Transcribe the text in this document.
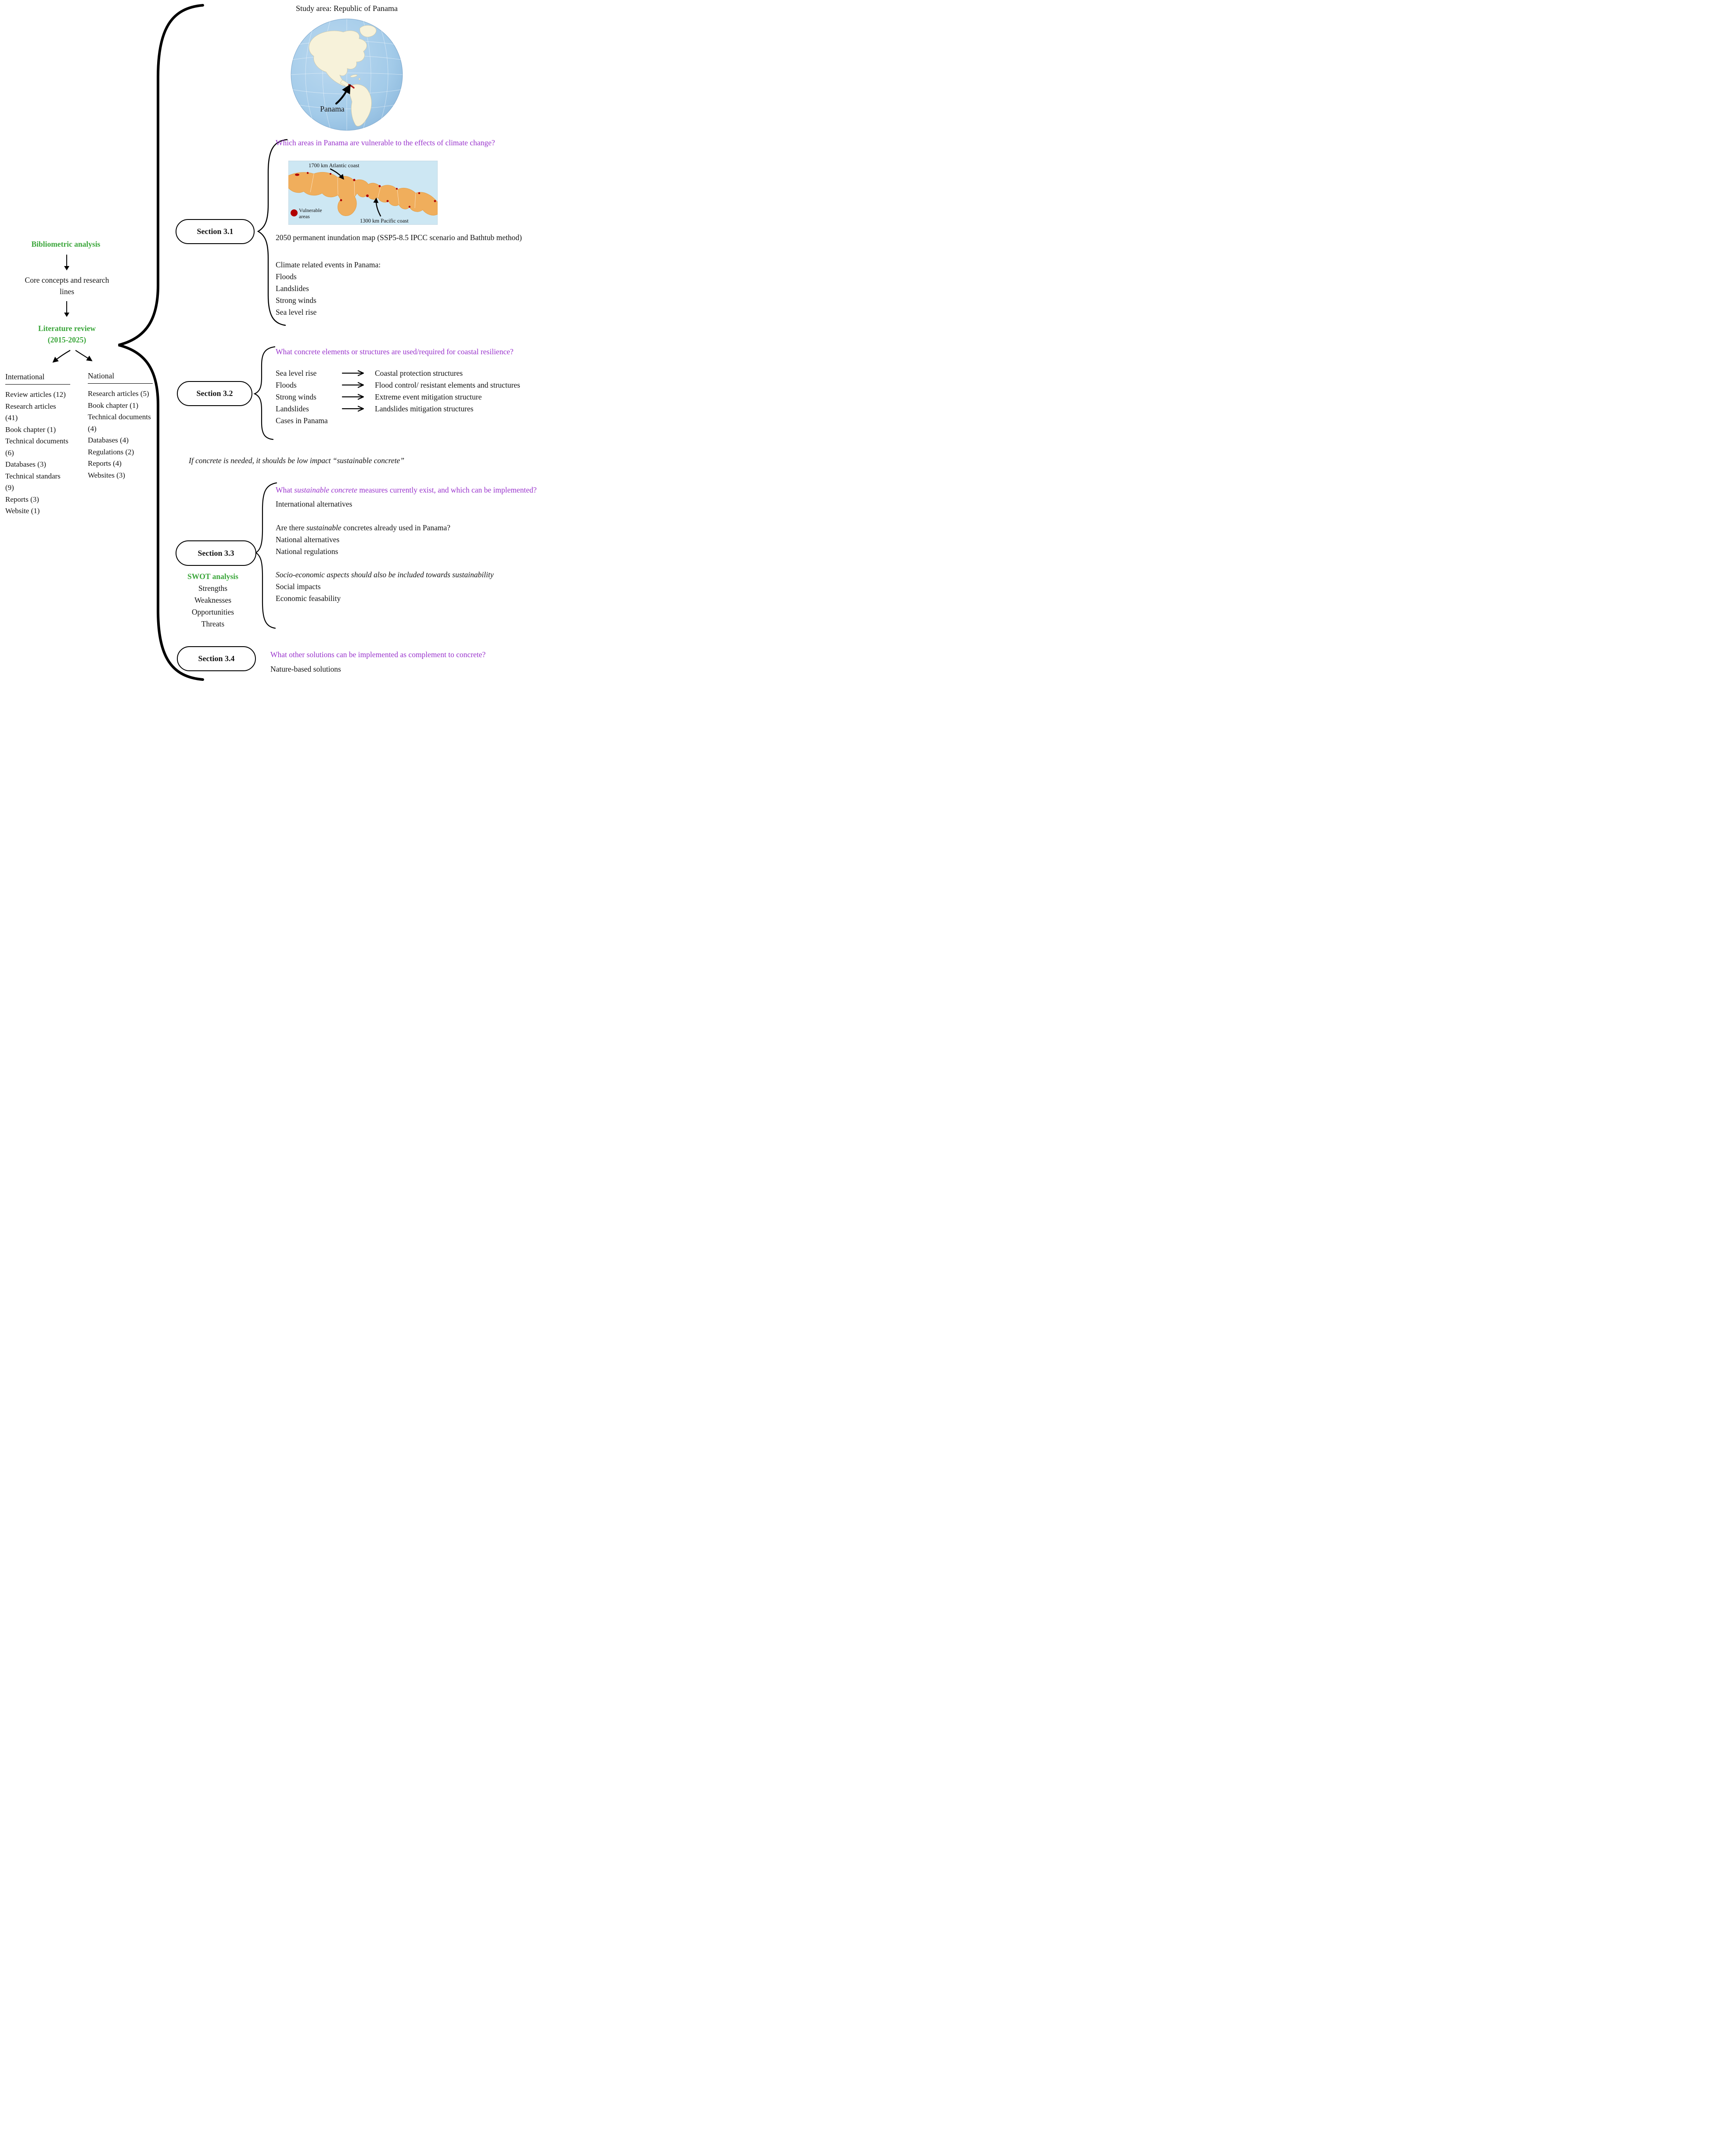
Study area: Republic of Panama
Panama
Bibliometric analysis
Core concepts and research lines
Literature review
(2015-2025)
International
Review articles (12)
Research articles (41)
Book chapter (1)
Technical documents (6)
Databases (3)
Technical standars (9)
Reports (3)
Website (1)
National
Research articles (5)
Book chapter (1)
Technical documents (4)
Databases (4)
Regulations (2)
Reports (4)
Websites (3)
Section 3.1
Section 3.2
Section 3.3
Section 3.4
Which areas in Panama are vulnerable to the effects of climate change?
1700 km Atlantic coast
Vulnerable
areas
1300 km Pacific coast
2050 permanent inundation map (SSP5-8.5 IPCC scenario and Bathtub method)
Climate related events in Panama:
Floods
Landslides
Strong winds
Sea level rise
What concrete elements or structures are used/required for coastal resilience?
Sea level rise	Coastal protection structures
Floods	Flood control/ resistant elements and structures
Strong winds	Extreme event mitigation structure
Landslides	Landslides mitigation structures
Cases in Panama
If concrete is needed, it shoulds be low impact “sustainable concrete”
What sustainable concrete measures currently exist, and which can be implemented?
International alternatives
Are there sustainable concretes already used in Panama?
National alternatives
National regulations
Socio-economic aspects should also be included towards sustainability
Social impacts
Economic feasability
SWOT analysis
Strengths
Weaknesses
Opportunities
Threats
What other solutions can be implemented as complement to concrete?
Nature-based solutions
